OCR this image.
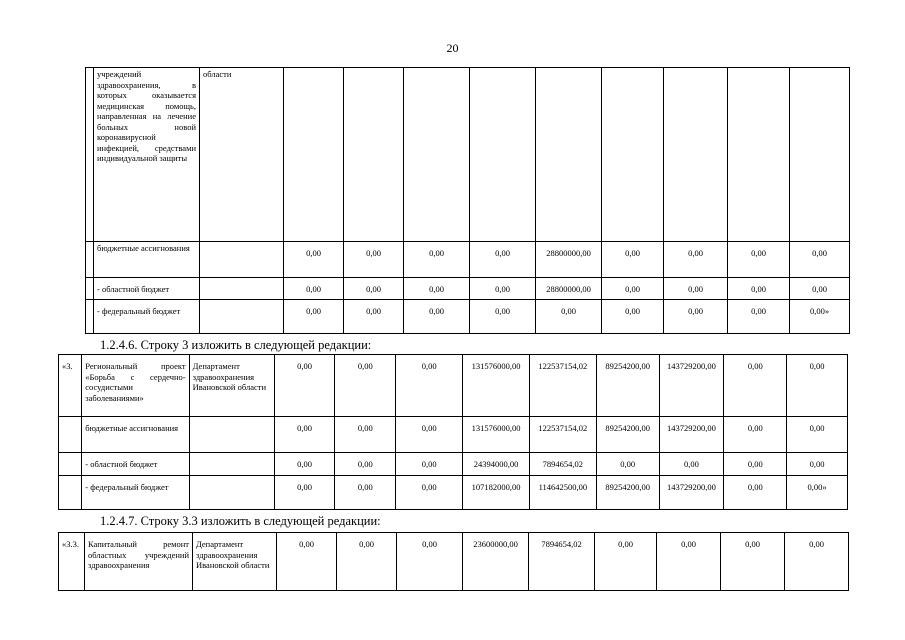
20
	учреждений здравоохранения, в которых оказывается медицинская помощь, направленная на лечение больных новой коронавирусной инфекцией, средствами индивидуальной защиты	области									
	бюджетные ассигнования		0,00	0,00	0,00	0,00	28800000,00	0,00	0,00	0,00	0,00
	- областной бюджет		0,00	0,00	0,00	0,00	28800000,00	0,00	0,00	0,00	0,00
	- федеральный бюджет		0,00	0,00	0,00	0,00	0,00	0,00	0,00	0,00	0,00»
1.2.4.6. Строку 3 изложить в следующей редакции:
«3.	Региональный проект «Борьба с сердечно-сосудистыми заболеваниями»	Департамент здравоохранения Ивановской области	0,00	0,00	0,00	131576000,00	122537154,02	89254200,00	143729200,00	0,00	0,00
	бюджетные ассигнования		0,00	0,00	0,00	131576000,00	122537154,02	89254200,00	143729200,00	0,00	0,00
	- областной бюджет		0,00	0,00	0,00	24394000,00	7894654,02	0,00	0,00	0,00	0,00
	- федеральный бюджет		0,00	0,00	0,00	107182000,00	114642500,00	89254200,00	143729200,00	0,00	0,00»
1.2.4.7. Строку 3.3 изложить в следующей редакции:
«3.3.	Капитальный ремонт областных учреждений здравоохранения	Департамент здравоохранения Ивановской области	0,00	0,00	0,00	23600000,00	7894654,02	0,00	0,00	0,00	0,00
